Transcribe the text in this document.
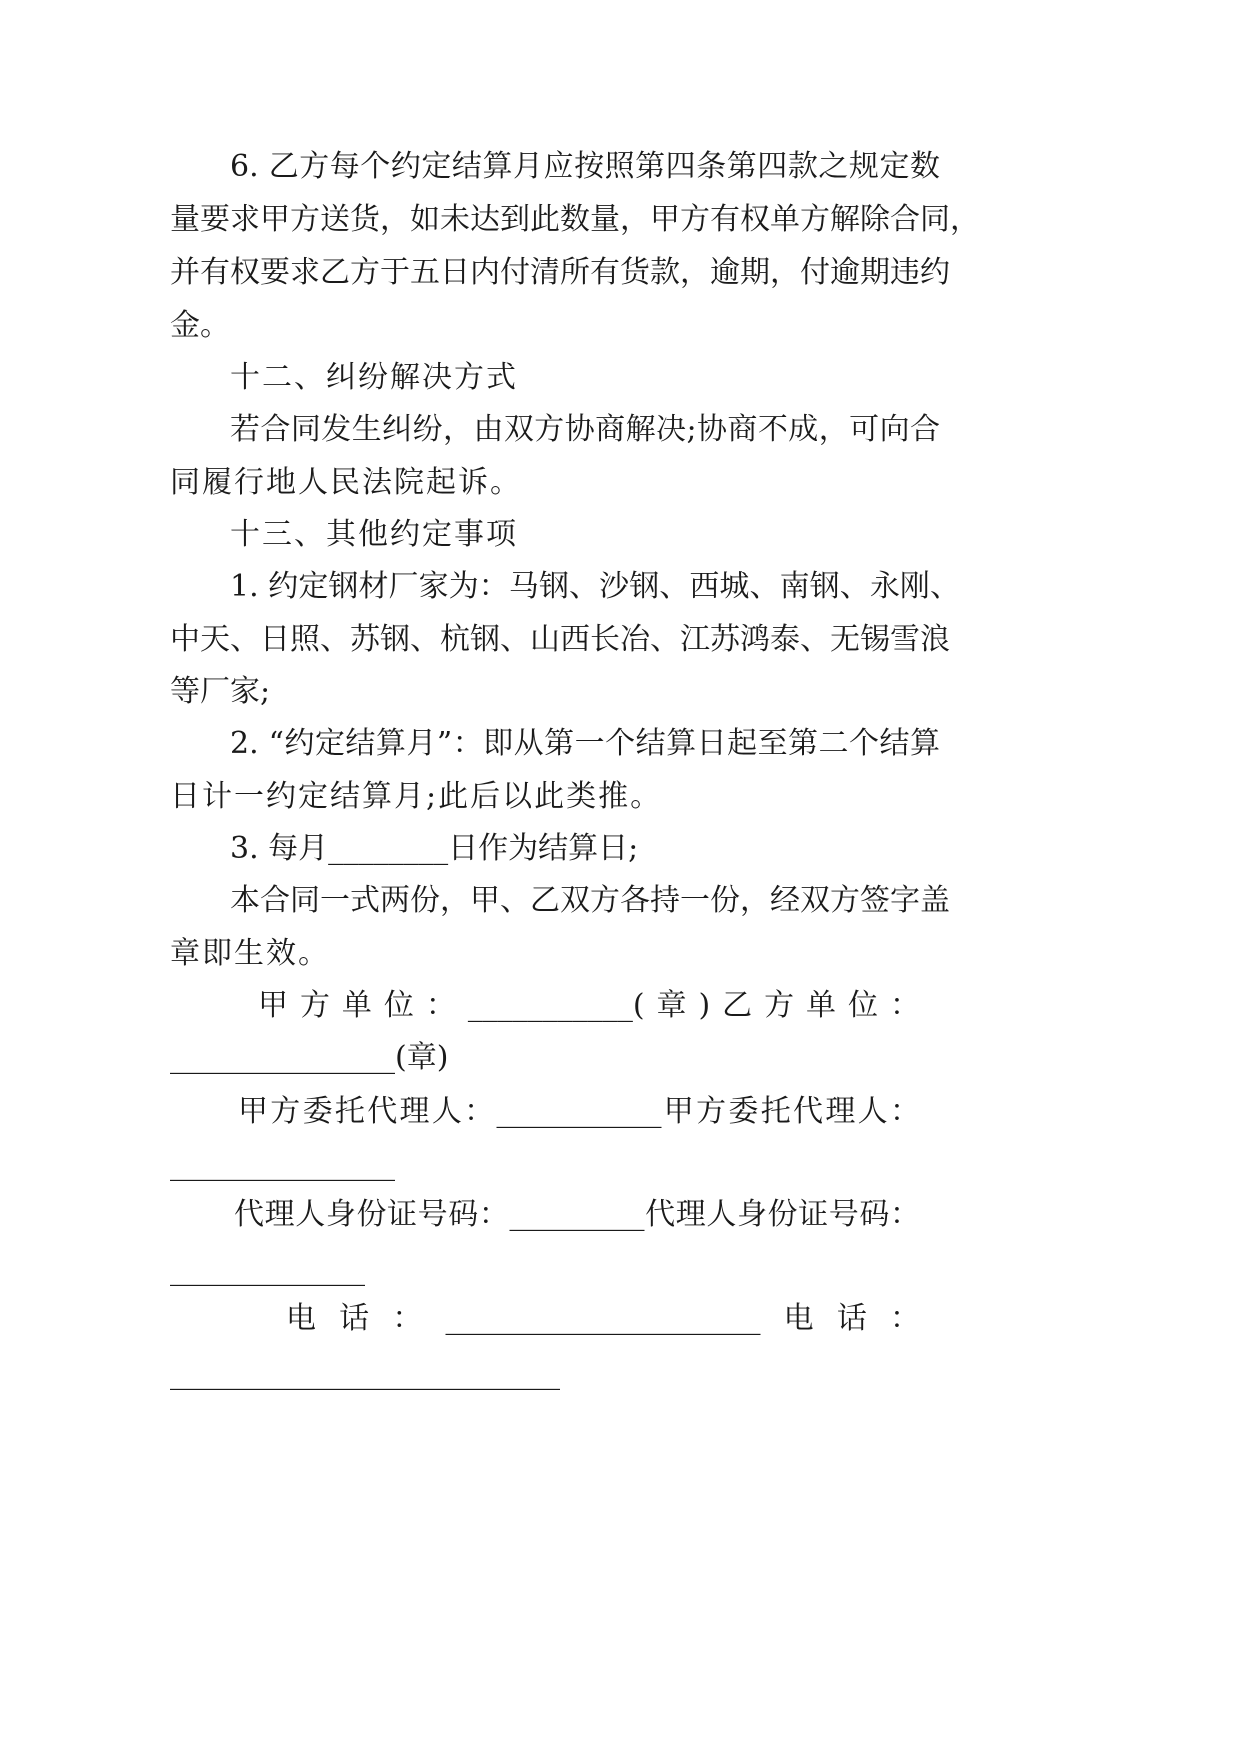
6. 乙方每个约定结算月应按照第四条第四款之规定数
量要求甲方送货，如未达到此数量，甲方有权单方解除合同，
并有权要求乙方于五日内付清所有货款，逾期，付逾期违约
金。
十二、纠纷解决方式
若合同发生纠纷，由双方协商解决;协商不成，可向合
同履行地人民法院起诉。
十三、其他约定事项
1. 约定钢材厂家为：马钢、沙钢、西城、南钢、永刚、
中天、日照、苏钢、杭钢、山西长冶、江苏鸿泰、无锡雪浪
等厂家;
2. “约定结算月”：即从第一个结算日起至第二个结算
日计一约定结算月;此后以此类推。
3. 每月________日作为结算日;
本合同一式两份，甲、乙双方各持一份，经双方签字盖
章即生效。
甲方单位：___________(章)乙方单位：
_______________(章)
甲方委托代理人：___________甲方委托代理人：
_______________
代理人身份证号码：_________代理人身份证号码：
_____________
电话：_____________________电话：
__________________________
